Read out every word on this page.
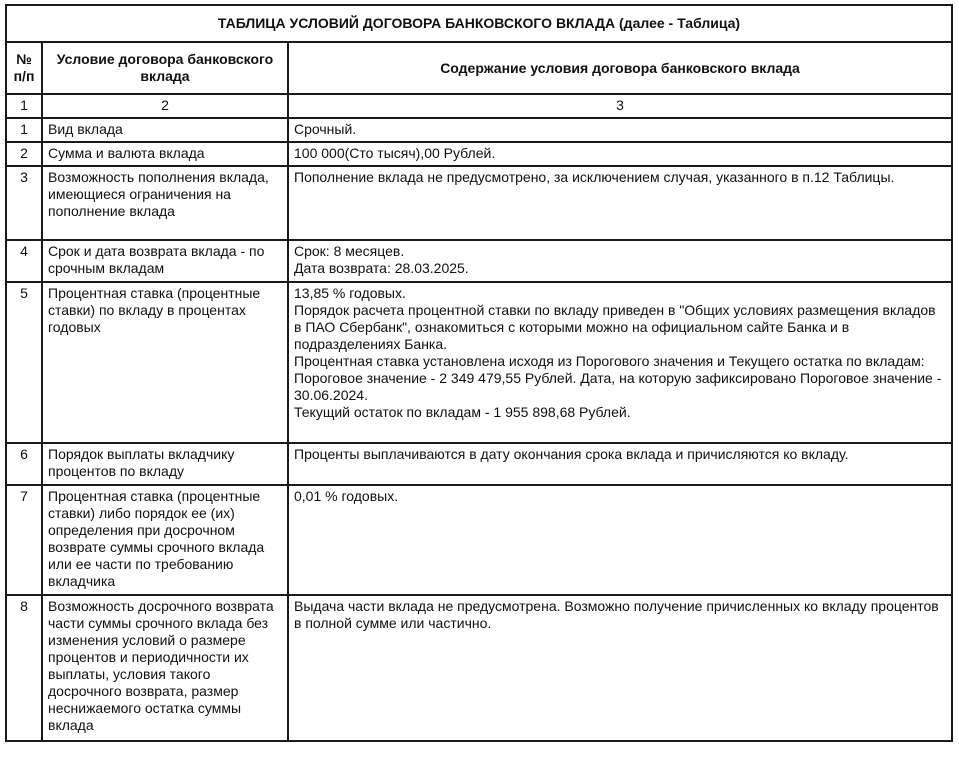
ТАБЛИЦА УСЛОВИЙ ДОГОВОРА БАНКОВСКОГО ВКЛАДА (далее - Таблица)		
№ п/п	Условие договора банковского вклада	Содержание условия договора банковского вклада
1	2	3
1	Вид вклада	Срочный.

2	Сумма и валюта вклада	100 000(Сто тысяч),00 Рублей.

3	Возможность пополнения вклада, имеющиеся ограничения на пополнение вклада	Пополнение вклада не предусмотрено, за исключением случая, указанного в п.12 Таблицы.

4	Срок и дата возврата вклада - по срочным вкладам	Срок: 8 месяцев.
Дата возврата: 28.03.2025.

5	Процентная ставка (процентные ставки) по вкладу в процентах годовых	13,85 % годовых.
Порядок расчета процентной ставки по вкладу приведен в "Общих условиях размещения вкладов в ПАО Сбербанк", ознакомиться с которыми можно на официальном сайте Банка и в подразделениях Банка.
Процентная ставка установлена исходя из Порогового значения и Текущего остатка по вкладам:
Пороговое значение - 2 349 479,55 Рублей. Дата, на которую зафиксировано Пороговое значение - 30.06.2024.
Текущий остаток по вкладам - 1 955 898,68 Рублей.

6	Порядок выплаты вкладчику процентов по вкладу	Проценты выплачиваются в дату окончания срока вклада и причисляются ко вкладу.

7	Процентная ставка (процентные ставки) либо порядок ее (их) определения при досрочном возврате суммы срочного вклада или ее части по требованию вкладчика	0,01 % годовых.

8	Возможность досрочного возврата части суммы срочного вклада без изменения условий о размере процентов и периодичности их выплаты, условия такого досрочного возврата, размер неснижаемого остатка суммы вклада	Выдача части вклада не предусмотрена. Возможно получение причисленных ко вкладу процентов в полной сумме или частично.
